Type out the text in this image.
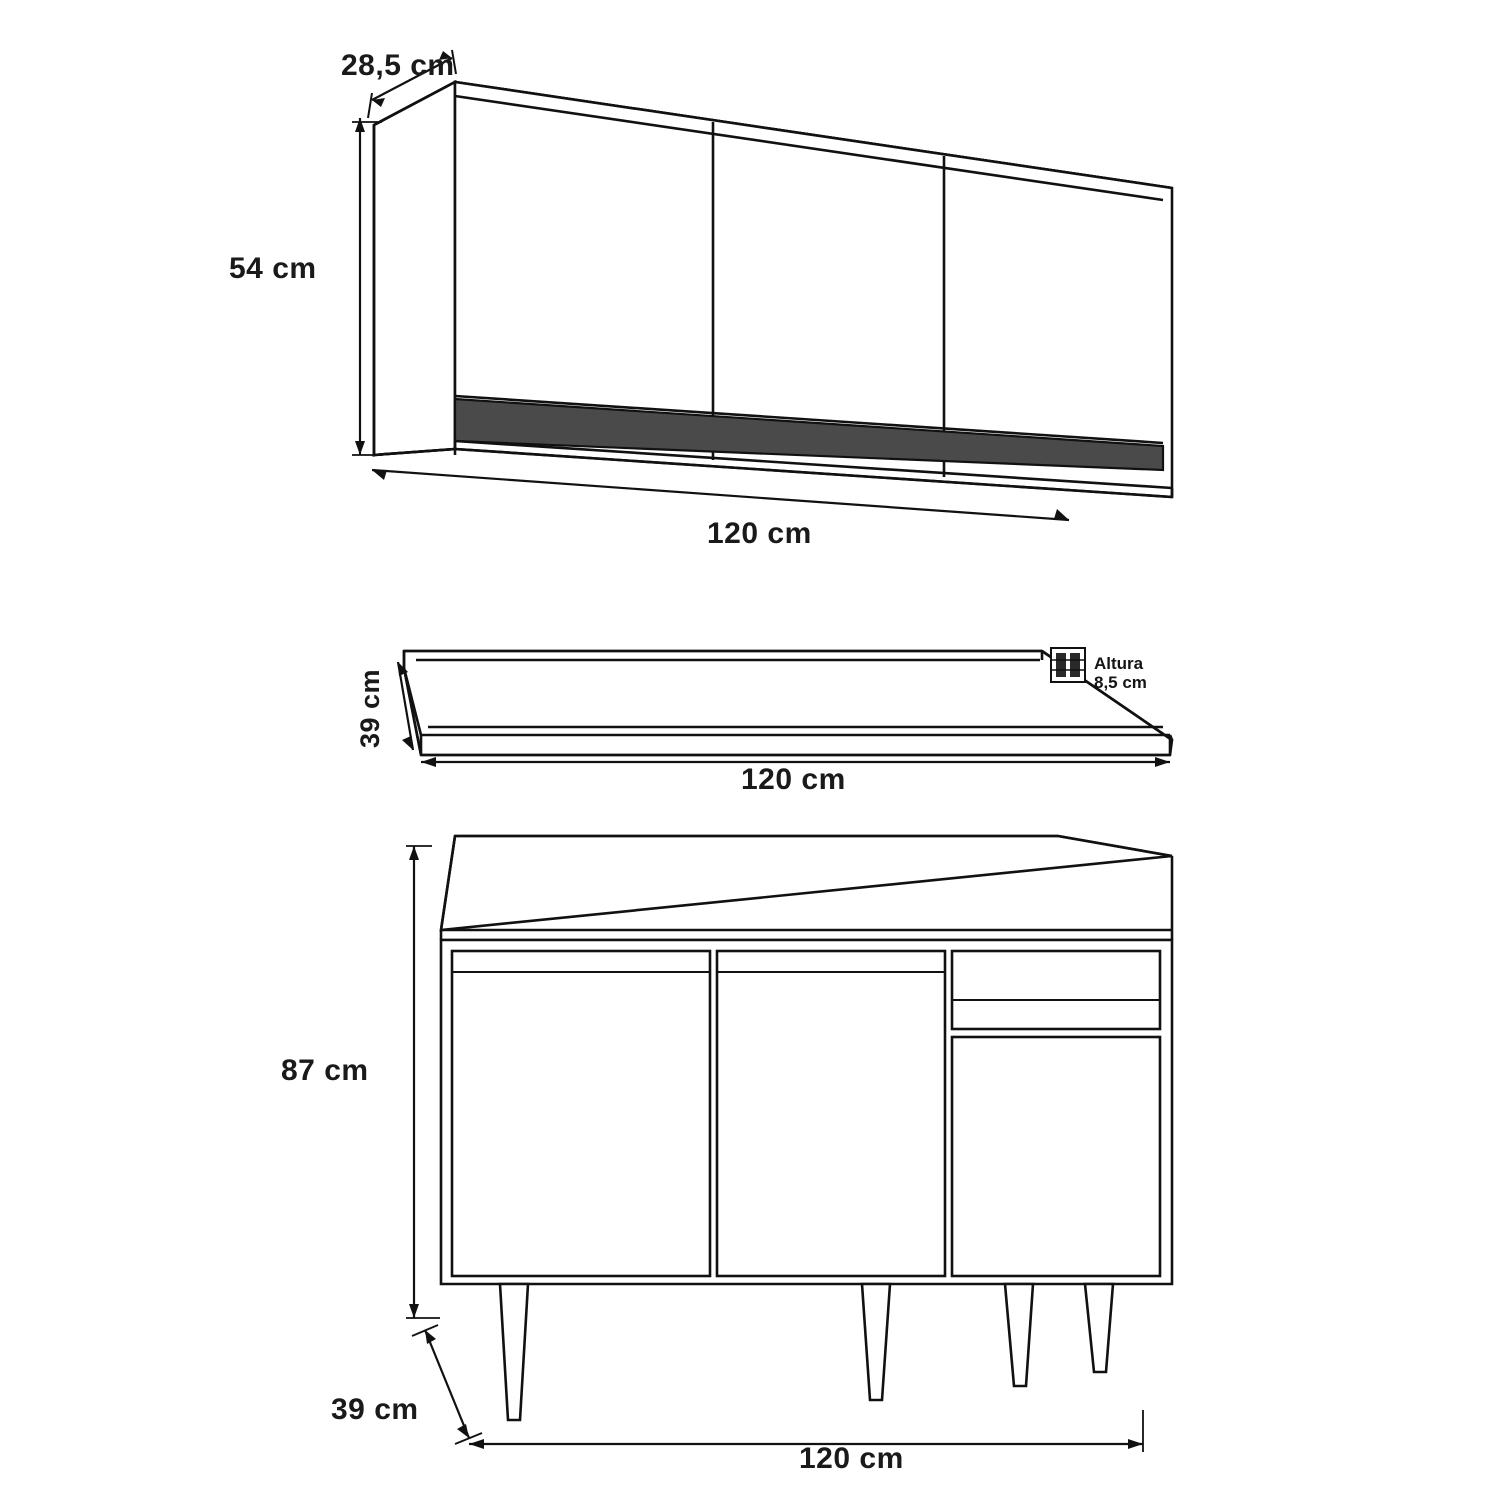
28,5 cm
54 cm
120 cm
39 cm
120 cm
Altura
8,5 cm
87 cm
39 cm
120 cm
